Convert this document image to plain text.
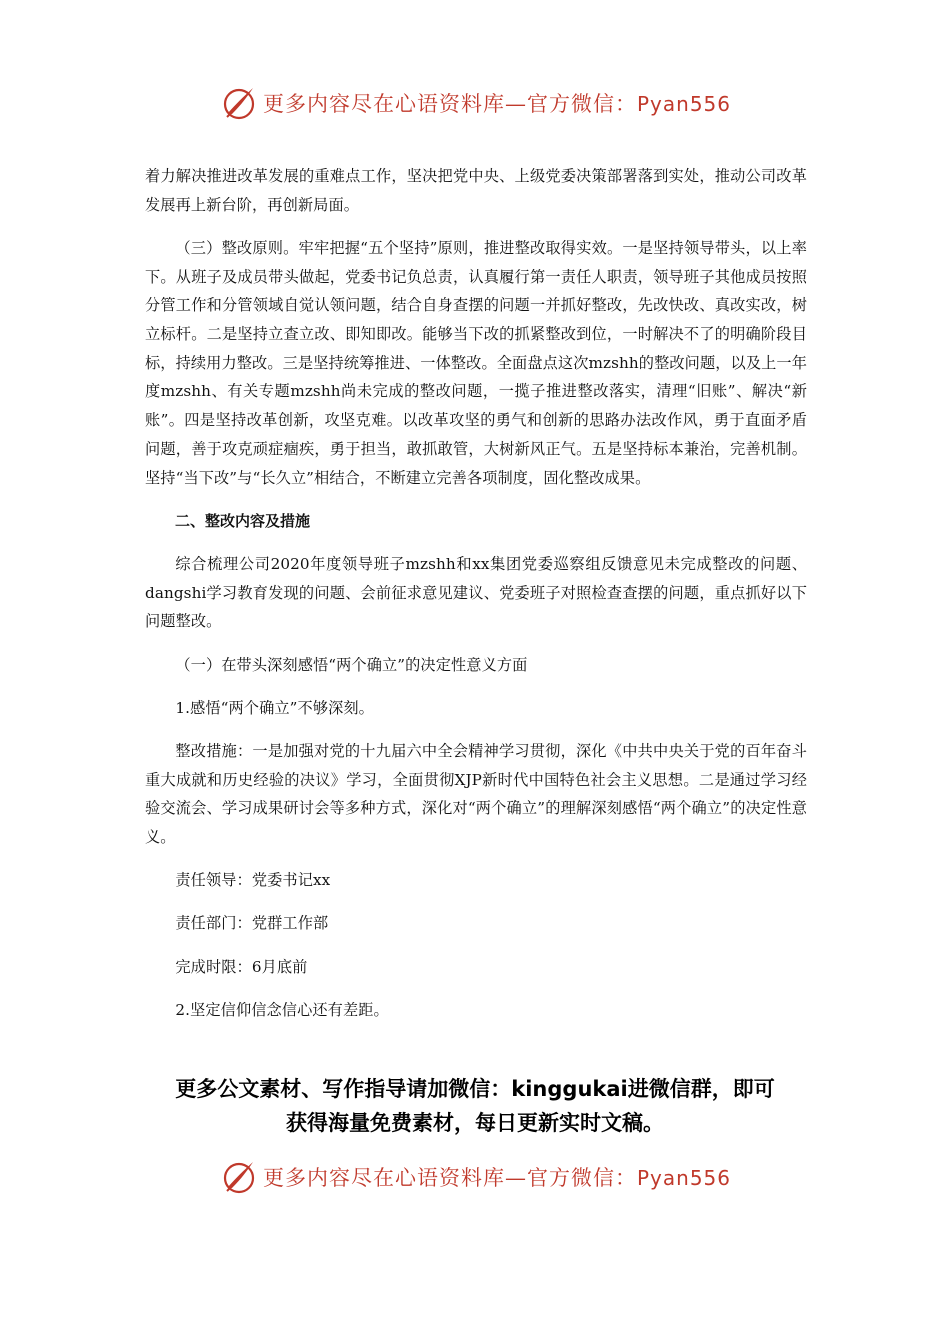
更多内容尽在心语资料库—官方微信：Pyan556

着力解决推进改革发展的重难点工作，坚决把党中央、上级党委决策部署落到实处，推动公司改革发展再上新台阶，再创新局面。

（三）整改原则。牢牢把握“五个坚持”原则，推进整改取得实效。一是坚持领导带头，以上率下。从班子及成员带头做起，党委书记负总责，认真履行第一责任人职责，领导班子其他成员按照分管工作和分管领域自觉认领问题，结合自身查摆的问题一并抓好整改，先改快改、真改实改，树立标杆。二是坚持立查立改、即知即改。能够当下改的抓紧整改到位，一时解决不了的明确阶段目标，持续用力整改。三是坚持统筹推进、一体整改。全面盘点这次mzshh的整改问题，以及上一年度mzshh、有关专题mzshh尚未完成的整改问题，一揽子推进整改落实，清理“旧账”、解决“新账”。四是坚持改革创新，攻坚克难。以改革攻坚的勇气和创新的思路办法改作风，勇于直面矛盾问题，善于攻克顽症痼疾，勇于担当，敢抓敢管，大树新风正气。五是坚持标本兼治，完善机制。坚持“当下改”与“长久立”相结合，不断建立完善各项制度，固化整改成果。

二、整改内容及措施

综合梳理公司2020年度领导班子mzshh和xx集团党委巡察组反馈意见未完成整改的问题、dangshi学习教育发现的问题、会前征求意见建议、党委班子对照检查查摆的问题，重点抓好以下问题整改。

（一）在带头深刻感悟“两个确立”的决定性意义方面

1.感悟“两个确立”不够深刻。

整改措施：一是加强对党的十九届六中全会精神学习贯彻，深化《中共中央关于党的百年奋斗重大成就和历史经验的决议》学习，全面贯彻XJP新时代中国特色社会主义思想。二是通过学习经验交流会、学习成果研讨会等多种方式，深化对“两个确立”的理解深刻感悟“两个确立”的决定性意义。

责任领导：党委书记xx

责任部门：党群工作部

完成时限：6月底前

2.坚定信仰信念信心还有差距。

更多公文素材、写作指导请加微信：kinggukai进微信群，即可
获得海量免费素材，每日更新实时文稿。
更多内容尽在心语资料库—官方微信：Pyan556
